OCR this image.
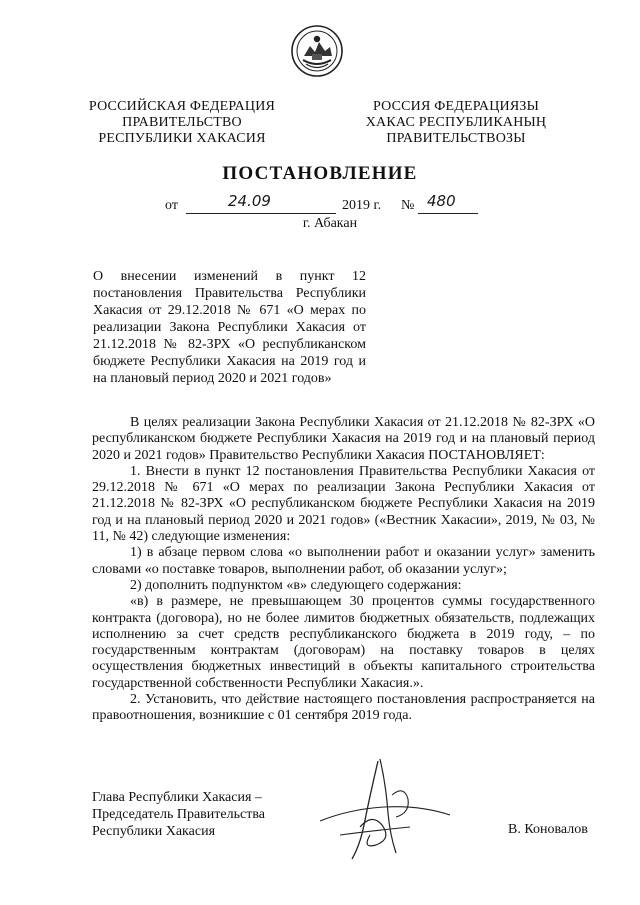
РОССИЙСКАЯ ФЕДЕРАЦИЯ
ПРАВИТЕЛЬСТВО
РЕСПУБЛИКИ ХАКАСИЯ
РОССИЯ ФЕДЕРАЦИЯЗЫ
ХАКАС РЕСПУБЛИКАНЫҢ
ПРАВИТЕЛЬСТВОЗЫ
ПОСТАНОВЛЕНИЕ
от	24.09	2019 г. № 480
г. Абакан

О внесении изменений в пункт 12 постановления Правительства Республики Хакасия от 29.12.2018 № 671 «О мерах по реализации Закона Республики Хакасия от 21.12.2018 № 82-ЗРХ «О республиканском бюджете Республики Хакасия на 2019 год и на плановый период 2020 и 2021 годов»

В целях реализации Закона Республики Хакасия от 21.12.2018 № 82-ЗРХ «О республиканском бюджете Республики Хакасия на 2019 год и на плановый период 2020 и 2021 годов» Правительство Республики Хакасия ПОСТАНОВЛЯЕТ:

1. Внести в пункт 12 постановления Правительства Республики Хакасия от 29.12.2018 № 671 «О мерах по реализации Закона Республики Хакасия от 21.12.2018 № 82-ЗРХ «О республиканском бюджете Республики Хакасия на 2019 год и на плановый период 2020 и 2021 годов» («Вестник Хакасии», 2019, № 03, № 11, № 42) следующие изменения:

1) в абзаце первом слова «о выполнении работ и оказании услуг» заменить словами «о поставке товаров, выполнении работ, об оказании услуг»;

2) дополнить подпунктом «в» следующего содержания:

«в) в размере, не превышающем 30 процентов суммы государственного контракта (договора), но не более лимитов бюджетных обязательств, подлежащих исполнению за счет средств республиканского бюджета в 2019 году, – по государственным контрактам (договорам) на поставку товаров в целях осуществления бюджетных инвестиций в объекты капитального строительства государственной собственности Республики Хакасия.».

2. Установить, что действие настоящего постановления распространяется на правоотношения, возникшие с 01 сентября 2019 года.

Глава Республики Хакасия –

Председатель Правительства

Республики Хакасия	В. Коновалов
